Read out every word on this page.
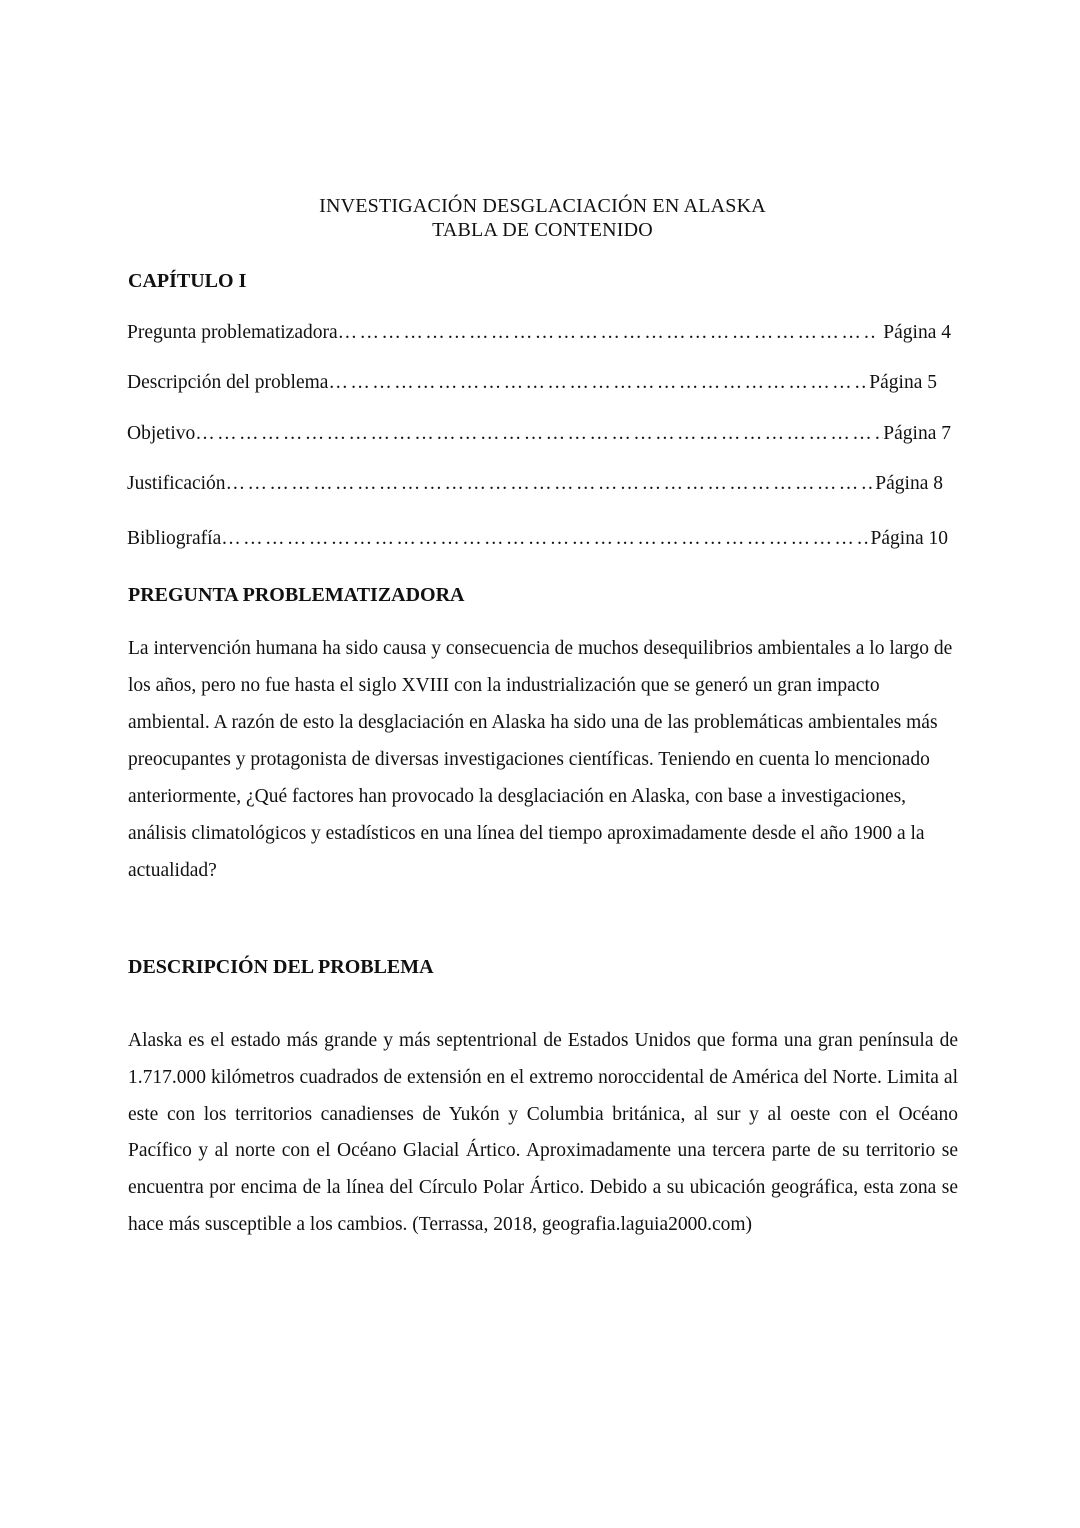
INVESTIGACIÓN DESGLACIACIÓN EN ALASKA
TABLA DE CONTENIDO
CAPÍTULO I
Pregunta problematizadora …………………………………………………………………………………………………………………………………………………………	Página 4
Descripción del problema …………………………………………………………………………………………………………………………………………………………	Página 5
Objetivo …………………………………………………………………………………………………………………………………………………………	Página 7
Justificación …………………………………………………………………………………………………………………………………………………………	Página 8
Bibliografía …………………………………………………………………………………………………………………………………………………………	Página 10
PREGUNTA PROBLEMATIZADORA

La intervención humana ha sido causa y consecuencia de muchos desequilibrios ambientales a lo largo de los años, pero no fue hasta el siglo XVIII con la industrialización que se generó un gran impacto ambiental. A razón de esto la desglaciación en Alaska ha sido una de las problemáticas ambientales más preocupantes y protagonista de diversas investigaciones científicas. Teniendo en cuenta lo mencionado anteriormente, ¿Qué factores han provocado la desglaciación en Alaska, con base a investigaciones, análisis climatológicos y estadísticos en una línea del tiempo aproximadamente desde el año 1900 a la actualidad?

DESCRIPCIÓN DEL PROBLEMA

Alaska es el estado más grande y más septentrional de Estados Unidos que forma una gran península de 1.717.000 kilómetros cuadrados de extensión en el extremo noroccidental de América del Norte. Limita al este con los territorios canadienses de Yukón y Columbia británica, al sur y al oeste con el Océano Pacífico y al norte con el Océano Glacial Ártico. Aproximadamente una tercera parte de su territorio se encuentra por encima de la línea del Círculo Polar Ártico. Debido a su ubicación geográfica, esta zona se hace más susceptible a los cambios. (Terrassa, 2018, geografia.laguia2000.com)
